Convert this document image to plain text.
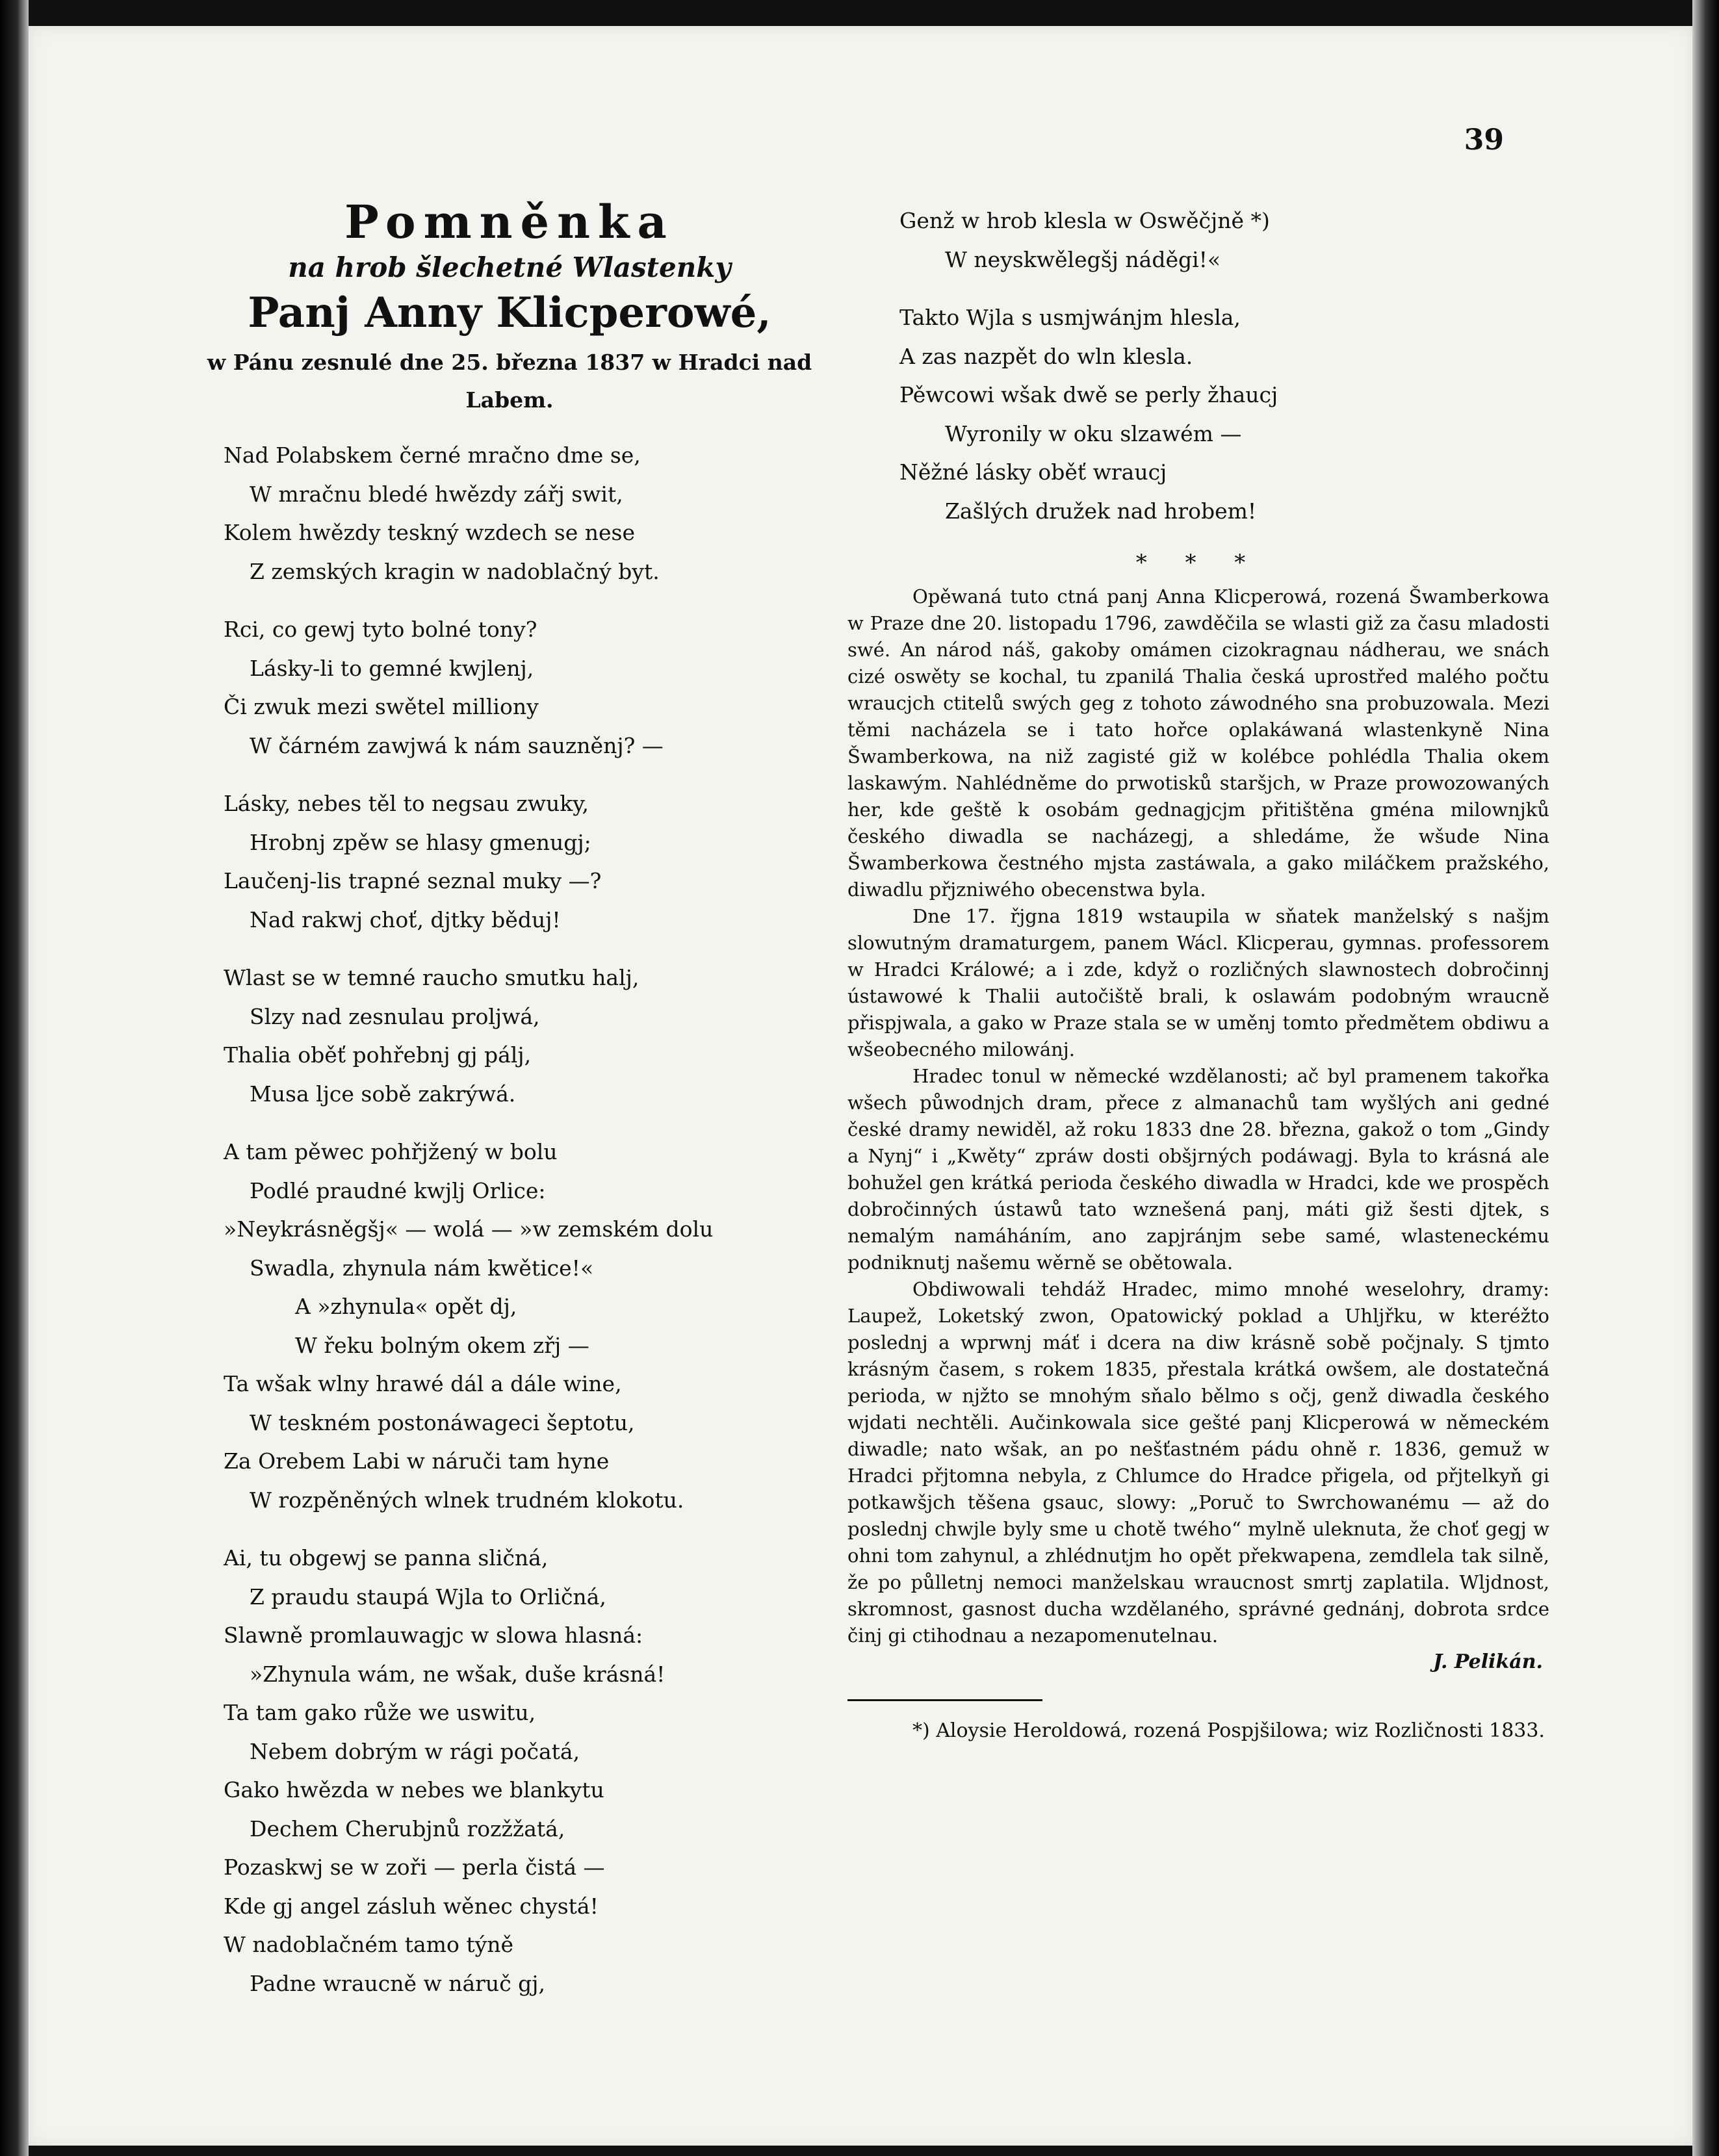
39
Pomněnka
na hrob šlechetné Wlastenky
Panj Anny Klicperowé,
w Pánu zesnulé dne 25. března 1837 w Hradci nad Labem.
Nad Polabskem černé mračno dme se,
W mračnu bledé hwězdy zářj swit,
Kolem hwězdy teskný wzdech se nese
Z zemských kragin w nadoblačný byt.
Rci, co gewj tyto bolné tony?
Lásky-li to gemné kwjlenj,
Či zwuk mezi swětel milliony
W čárném zawjwá k nám sauzněnj? —
Lásky, nebes těl to negsau zwuky,
Hrobnj zpěw se hlasy gmenugj;
Laučenj-lis trapné seznal muky —?
Nad rakwj choť, djtky běduj!
Wlast se w temné raucho smutku halj,
Slzy nad zesnulau proljwá,
Thalia oběť pohřebnj gj pálj,
Musa ljce sobě zakrýwá.
A tam pěwec pohřjžený w bolu
Podlé praudné kwjlj Orlice:
»Neykrásněgšj« — wolá — »w zemském dolu
Swadla, zhynula nám kwětice!«
A »zhynula« opět dj,
W řeku bolným okem zřj —
Ta wšak wlny hrawé dál a dále wine,
W teskném postonáwageci šeptotu,
Za Orebem Labi w náruči tam hyne
W rozpěněných wlnek trudném klokotu.
Ai, tu obgewj se panna sličná,
Z praudu staupá Wjla to Orličná,
Slawně promlauwagjc w slowa hlasná:
»Zhynula wám, ne wšak, duše krásná!
Ta tam gako růže we uswitu,
Nebem dobrým w rági počatá,
Gako hwězda w nebes we blankytu
Dechem Cherubjnů rozžžatá,
Pozaskwj se w zoři — perla čistá —
Kde gj angel zásluh wěnec chystá!
W nadoblačném tamo týně
Padne wraucně w náruč gj,
Genž w hrob klesla w Oswěčjně *)
W neyskwělegšj náděgi!«
Takto Wjla s usmjwánjm hlesla,
A zas nazpět do wln klesla.
Pěwcowi wšak dwě se perly žhaucj
Wyronily w oku slzawém —
Něžné lásky oběť wraucj
Zašlých družek nad hrobem!
* * *

Opěwaná tuto ctná panj Anna Klicperowá, rozená Šwamberkowa w Praze dne 20. listopadu 1796, zawděčila se wlasti giž za času mladosti swé. An národ náš, gakoby omámen cizokragnau nádherau, we snách cizé oswěty se kochal, tu zpanilá Thalia česká uprostřed malého počtu wraucjch ctitelů swých geg z tohoto záwodného sna probuzowala. Mezi těmi nacházela se i tato hořce oplakáwaná wlastenkyně Nina Šwamberkowa, na niž zagisté giž w kolébce pohlédla Thalia okem laskawým. Nahlédněme do prwotisků staršjch, w Praze prowozowaných her, kde geště k osobám gednagjcjm přitištěna gména milownjků českého diwadla se nacházegj, a shledáme, že wšude Nina Šwamberkowa čestného mjsta zastáwala, a gako miláčkem pražského, diwadlu přjzniwého obecenstwa byla.

Dne 17. řjgna 1819 wstaupila w sňatek manželský s našjm slowutným dramaturgem, panem Wácl. Klicperau, gymnas. professorem w Hradci Králowé; a i zde, když o rozličných slawnostech dobročinnj ústawowé k Thalii autočiště brali, k oslawám podobným wraucně přispjwala, a gako w Praze stala se w uměnj tomto předmětem obdiwu a wšeobecného milowánj.

Hradec tonul w německé wzdělanosti; ač byl pramenem takořka wšech půwodnjch dram, přece z almanachů tam wyšlých ani gedné české dramy newiděl, až roku 1833 dne 28. března, gakož o tom „Gindy a Nynj“ i „Kwěty“ zpráw dosti obšjrných podáwagj. Byla to krásná ale bohužel gen krátká perioda českého diwadla w Hradci, kde we prospěch dobročinných ústawů tato wznešená panj, máti giž šesti djtek, s nemalým namáháním, ano zapjránjm sebe samé, wlasteneckému podniknutj našemu wěrně se obětowala.

Obdiwowali tehdáž Hradec, mimo mnohé weselohry, dramy: Laupež, Loketský zwon, Opatowický poklad a Uhljřku, w kteréžto poslednj a wprwnj máť i dcera na diw krásně sobě počjnaly. S tjmto krásným časem, s rokem 1835, přestala krátká owšem, ale dostatečná perioda, w njžto se mnohým sňalo bělmo s očj, genž diwadla českého wjdati nechtěli. Aučinkowala sice gešté panj Klicperowá w německém diwadle; nato wšak, an po nešťastném pádu ohně r. 1836, gemuž w Hradci přjtomna nebyla, z Chlumce do Hradce přigela, od přjtelkyň gi potkawšjch těšena gsauc, slowy: „Poruč to Swrchowanému — až do poslednj chwjle byly sme u chotě twého“ mylně uleknuta, že choť gegj w ohni tom zahynul, a zhlédnutjm ho opět překwapena, zemdlela tak silně, že po půlletnj nemoci manželskau wraucnost smrtj zaplatila. Wljdnost, skromnost, gasnost ducha wzdělaného, správné gednánj, dobrota srdce činj gi ctihodnau a nezapomenutelnau.

J. Pelikán.

*) Aloysie Heroldowá, rozená Pospjšilowa; wiz Rozličnosti 1833.
